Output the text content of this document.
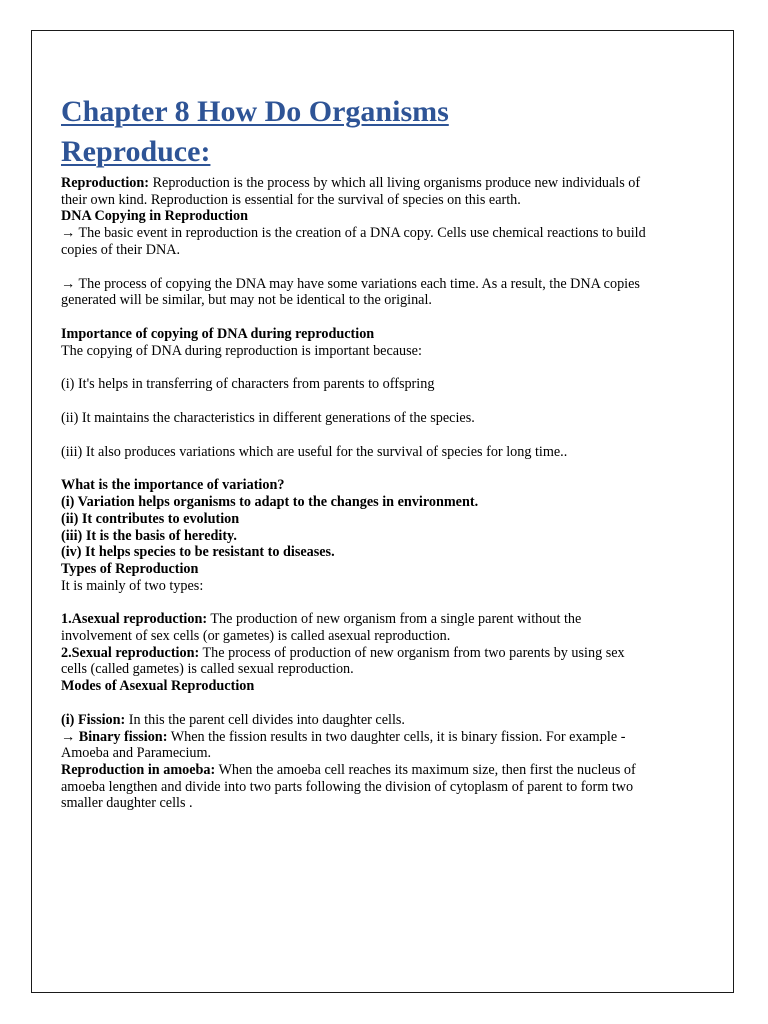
Chapter 8 How Do Organisms
Reproduce:

Reproduction: Reproduction is the process by which all living organisms produce new individuals of their own kind. Reproduction is essential for the survival of species on this earth.

DNA Copying in Reproduction

→ The basic event in reproduction is the creation of a DNA copy. Cells use chemical reactions to build copies of their DNA.

→ The process of copying the DNA may have some variations each time. As a result, the DNA copies generated will be similar, but may not be identical to the original.

Importance of copying of DNA during reproduction

The copying of DNA during reproduction is important because:

(i) It's helps in transferring of characters from parents to offspring

(ii) It maintains the characteristics in different generations of the species.

(iii) It also produces variations which are useful for the survival of species for long time..

What is the importance of variation?

(i) Variation helps organisms to adapt to the changes in environment.

(ii) It contributes to evolution

(iii) It is the basis of heredity.

(iv) It helps species to be resistant to diseases.

Types of Reproduction

It is mainly of two types:

1.Asexual reproduction: The production of new organism from a single parent without the involvement of sex cells (or gametes) is called asexual reproduction.

2.Sexual reproduction: The process of production of new organism from two parents by using sex cells (called gametes) is called sexual reproduction.

Modes of Asexual Reproduction

(i) Fission: In this the parent cell divides into daughter cells.

→ Binary fission: When the fission results in two daughter cells, it is binary fission. For example - Amoeba and Paramecium.

Reproduction in amoeba: When the amoeba cell reaches its maximum size, then first the nucleus of amoeba lengthen and divide into two parts following the division of cytoplasm of parent to form two smaller daughter cells .
